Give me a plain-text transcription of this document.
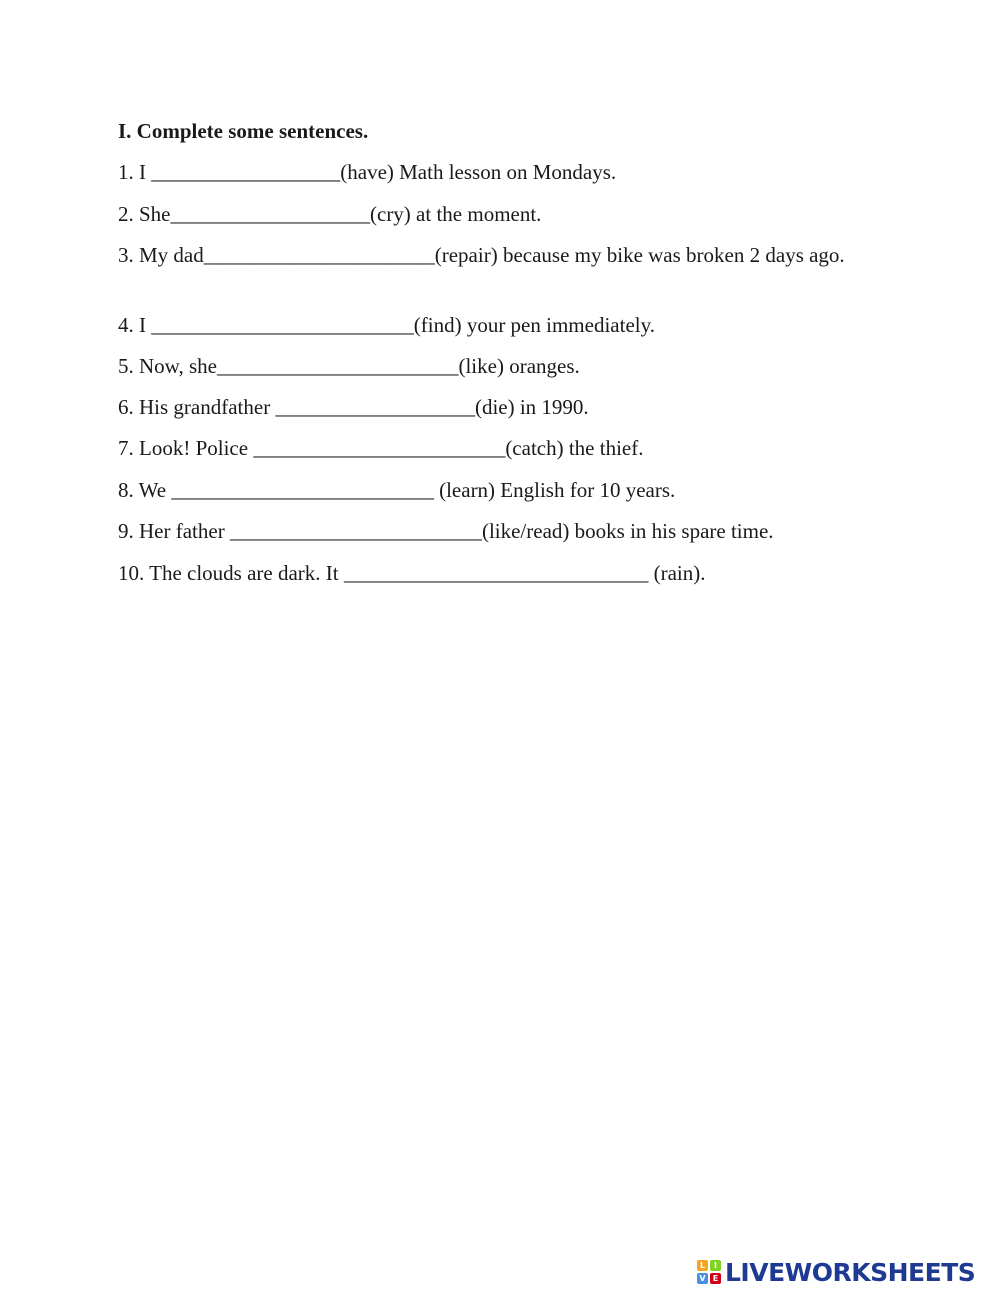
I. Complete some sentences.
1. I __________________(have) Math lesson on Mondays.
2. She___________________(cry) at the moment.
3. My dad______________________(repair) because my bike was broken 2 days ago.
4. I _________________________(find) your pen immediately.
5. Now, she_______________________(like) oranges.
6. His grandfather ___________________(die) in 1990.
7. Look! Police ________________________(catch) the thief.
8. We _________________________ (learn) English for 10 years.
9. Her father ________________________(like/read) books in his spare time.
10. The clouds are dark. It _____________________________ (rain).
L	I
V E LIVEWORKSHEETS
